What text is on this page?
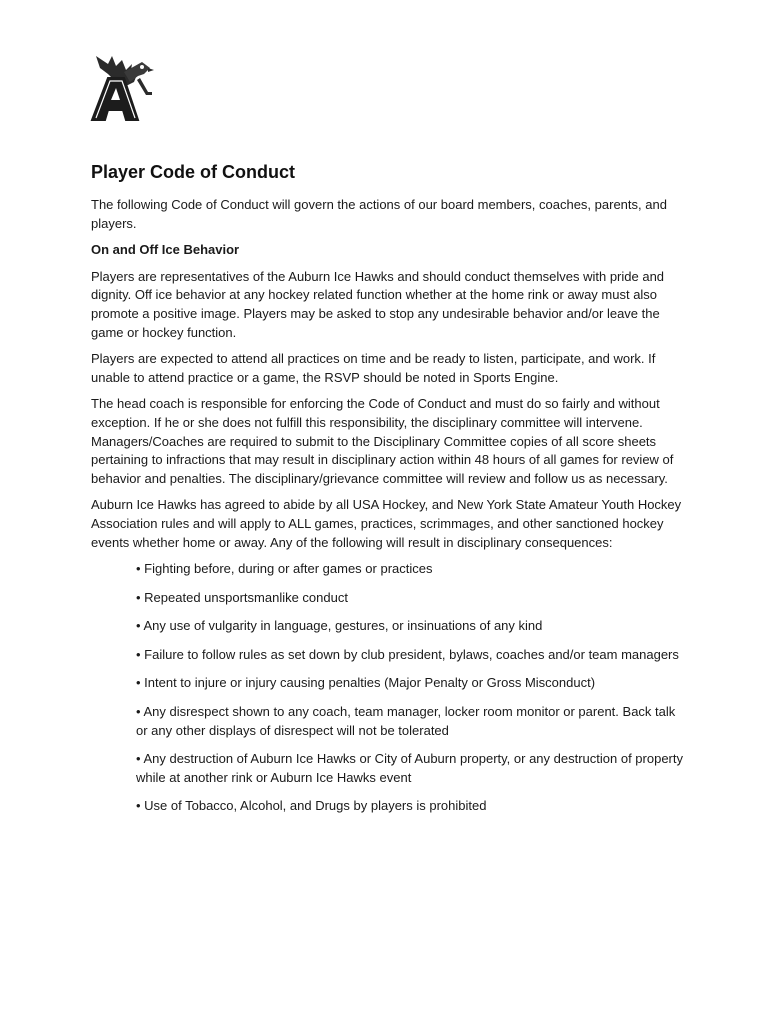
Player Code of Conduct

The following Code of Conduct will govern the actions of our board members, coaches, parents, and players.

On and Off Ice Behavior

Players are representatives of the Auburn Ice Hawks and should conduct themselves with pride and dignity. Off ice behavior at any hockey related function whether at the home rink or away must also promote a positive image. Players may be asked to stop any undesirable behavior and/or leave the game or hockey function.

Players are expected to attend all practices on time and be ready to listen, participate, and work. If unable to attend practice or a game, the RSVP should be noted in Sports Engine.

The head coach is responsible for enforcing the Code of Conduct and must do so fairly and without exception. If he or she does not fulfill this responsibility, the disciplinary committee will intervene. Managers/Coaches are required to submit to the Disciplinary Committee copies of all score sheets pertaining to infractions that may result in disciplinary action within 48 hours of all games for review of behavior and penalties. The disciplinary/grievance committee will review and follow us as necessary.

Auburn Ice Hawks has agreed to abide by all USA Hockey, and New York State Amateur Youth Hockey Association rules and will apply to ALL games, practices, scrimmages, and other sanctioned hockey events whether home or away. Any of the following will result in disciplinary consequences:

• Fighting before, during or after games or practices
• Repeated unsportsmanlike conduct
• Any use of vulgarity in language, gestures, or insinuations of any kind
• Failure to follow rules as set down by club president, bylaws, coaches and/or team managers
• Intent to injure or injury causing penalties (Major Penalty or Gross Misconduct)
• Any disrespect shown to any coach, team manager, locker room monitor or parent. Back talk or any other displays of disrespect will not be tolerated
• Any destruction of Auburn Ice Hawks or City of Auburn property, or any destruction of property while at another rink or Auburn Ice Hawks event
• Use of Tobacco, Alcohol, and Drugs by players is prohibited
